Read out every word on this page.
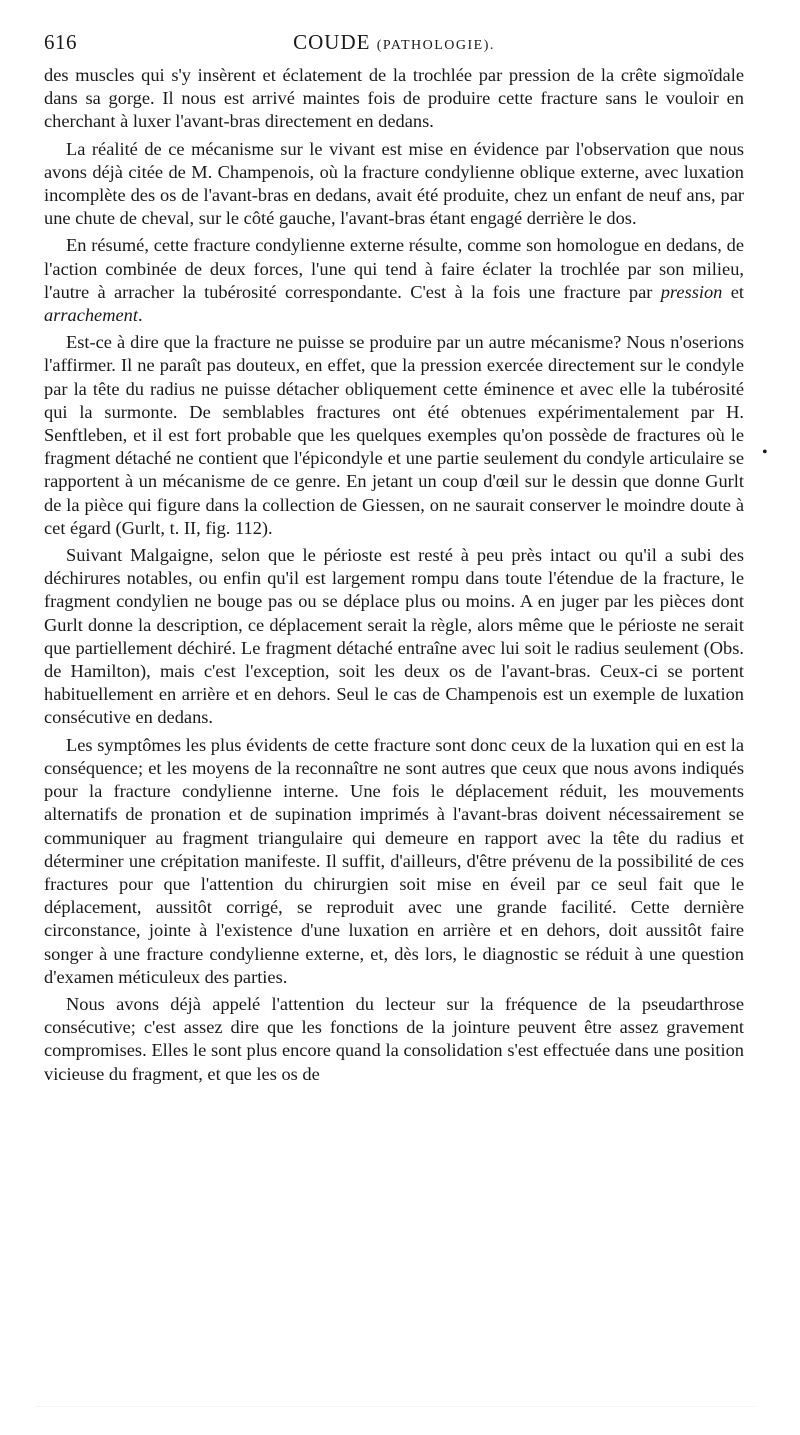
616	COUDE (PATHOLOGIE).

des muscles qui s'y insèrent et éclatement de la trochlée par pression de la crête sigmoïdale dans sa gorge. Il nous est arrivé maintes fois de produire cette fracture sans le vouloir en cherchant à luxer l'avant-bras directement en dedans.

La réalité de ce mécanisme sur le vivant est mise en évidence par l'observation que nous avons déjà citée de M. Champenois, où la fracture condylienne oblique externe, avec luxation incomplète des os de l'avant-bras en dedans, avait été produite, chez un enfant de neuf ans, par une chute de cheval, sur le côté gauche, l'avant-bras étant engagé derrière le dos.

En résumé, cette fracture condylienne externe résulte, comme son homologue en dedans, de l'action combinée de deux forces, l'une qui tend à faire éclater la trochlée par son milieu, l'autre à arracher la tubérosité correspondante. C'est à la fois une fracture par pression et arrachement.

Est-ce à dire que la fracture ne puisse se produire par un autre mécanisme? Nous n'oserions l'affirmer. Il ne paraît pas douteux, en effet, que la pression exercée directement sur le condyle par la tête du radius ne puisse détacher obliquement cette éminence et avec elle la tubérosité qui la surmonte. De semblables fractures ont été obtenues expérimentalement par H. Senftleben, et il est fort probable que les quelques exemples qu'on possède de fractures où le fragment détaché ne contient que l'épicondyle et une partie seulement du condyle articulaire se rapportent à un mécanisme de ce genre. En jetant un coup d'œil sur le dessin que donne Gurlt de la pièce qui figure dans la collection de Giessen, on ne saurait conserver le moindre doute à cet égard (Gurlt, t. II, fig. 112).

Suivant Malgaigne, selon que le périoste est resté à peu près intact ou qu'il a subi des déchirures notables, ou enfin qu'il est largement rompu dans toute l'étendue de la fracture, le fragment condylien ne bouge pas ou se déplace plus ou moins. A en juger par les pièces dont Gurlt donne la description, ce déplacement serait la règle, alors même que le périoste ne serait que partiellement déchiré. Le fragment détaché entraîne avec lui soit le radius seulement (Obs. de Hamilton), mais c'est l'exception, soit les deux os de l'avant-bras. Ceux-ci se portent habituellement en arrière et en dehors. Seul le cas de Champenois est un exemple de luxation consécutive en dedans.

Les symptômes les plus évidents de cette fracture sont donc ceux de la luxation qui en est la conséquence; et les moyens de la reconnaître ne sont autres que ceux que nous avons indiqués pour la fracture condylienne interne. Une fois le déplacement réduit, les mouvements alternatifs de pronation et de supination imprimés à l'avant-bras doivent nécessairement se communiquer au fragment triangulaire qui demeure en rapport avec la tête du radius et déterminer une crépitation manifeste. Il suffit, d'ailleurs, d'être prévenu de la possibilité de ces fractures pour que l'attention du chirurgien soit mise en éveil par ce seul fait que le déplacement, aussitôt corrigé, se reproduit avec une grande facilité. Cette dernière circonstance, jointe à l'existence d'une luxation en arrière et en dehors, doit aussitôt faire songer à une fracture condylienne externe, et, dès lors, le diagnostic se réduit à une question d'examen méticuleux des parties.

Nous avons déjà appelé l'attention du lecteur sur la fréquence de la pseudarthrose consécutive; c'est assez dire que les fonctions de la jointure peuvent être assez gravement compromises. Elles le sont plus encore quand la consolidation s'est effectuée dans une position vicieuse du fragment, et que les os de

•
